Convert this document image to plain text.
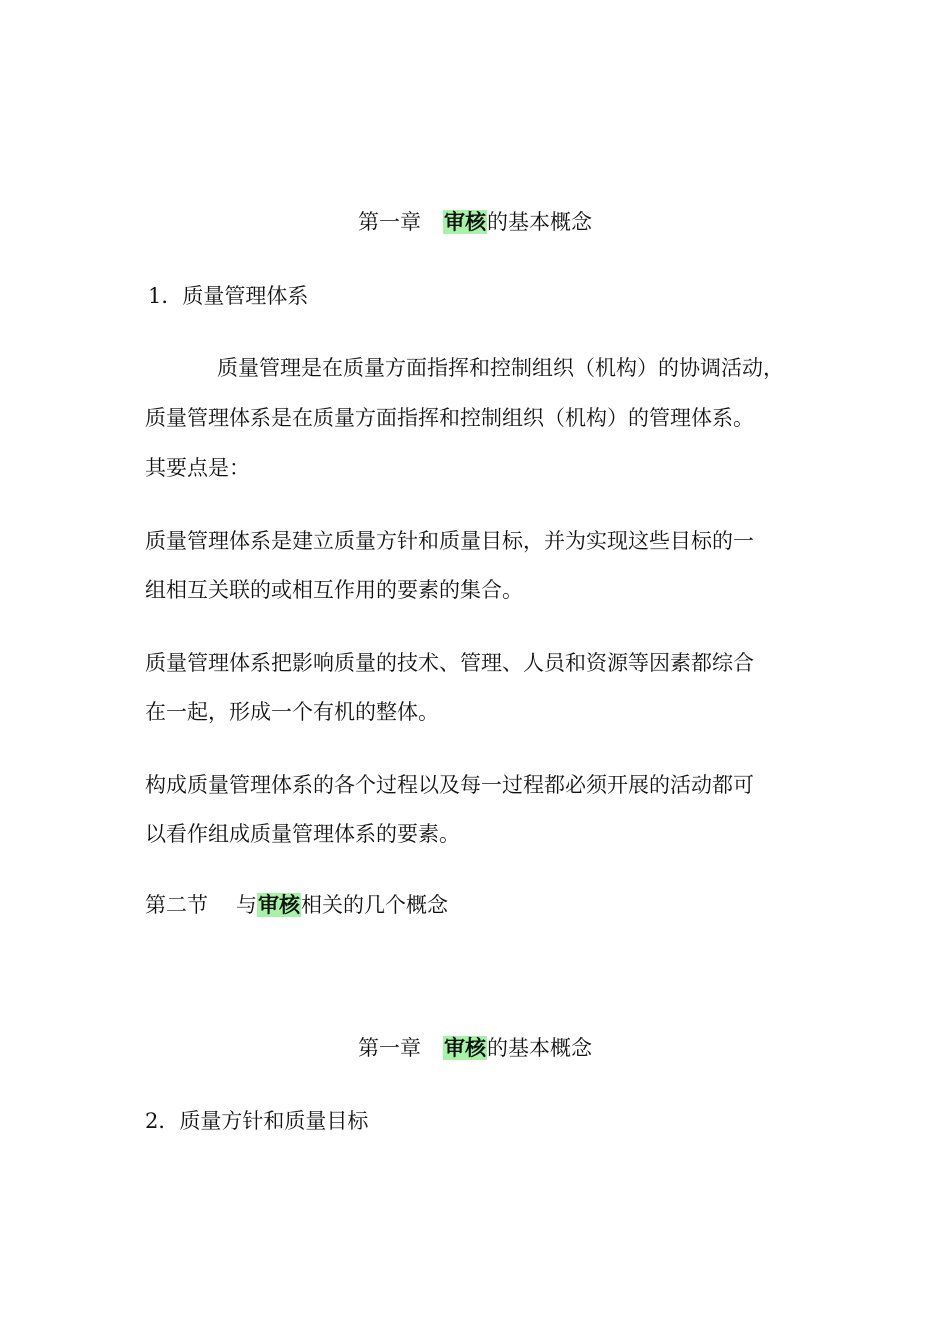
第一章 审核的基本概念
1．质量管理体系
质量管理是在质量方面指挥和控制组织（机构）的协调活动，
质量管理体系是在质量方面指挥和控制组织（机构）的管理体系。
其要点是：
质量管理体系是建立质量方针和质量目标，并为实现这些目标的一
组相互关联的或相互作用的要素的集合。
质量管理体系把影响质量的技术、管理、人员和资源等因素都综合
在一起，形成一个有机的整体。
构成质量管理体系的各个过程以及每一过程都必须开展的活动都可
以看作组成质量管理体系的要素。
第二节 与审核相关的几个概念
第一章 审核的基本概念
2．质量方针和质量目标
